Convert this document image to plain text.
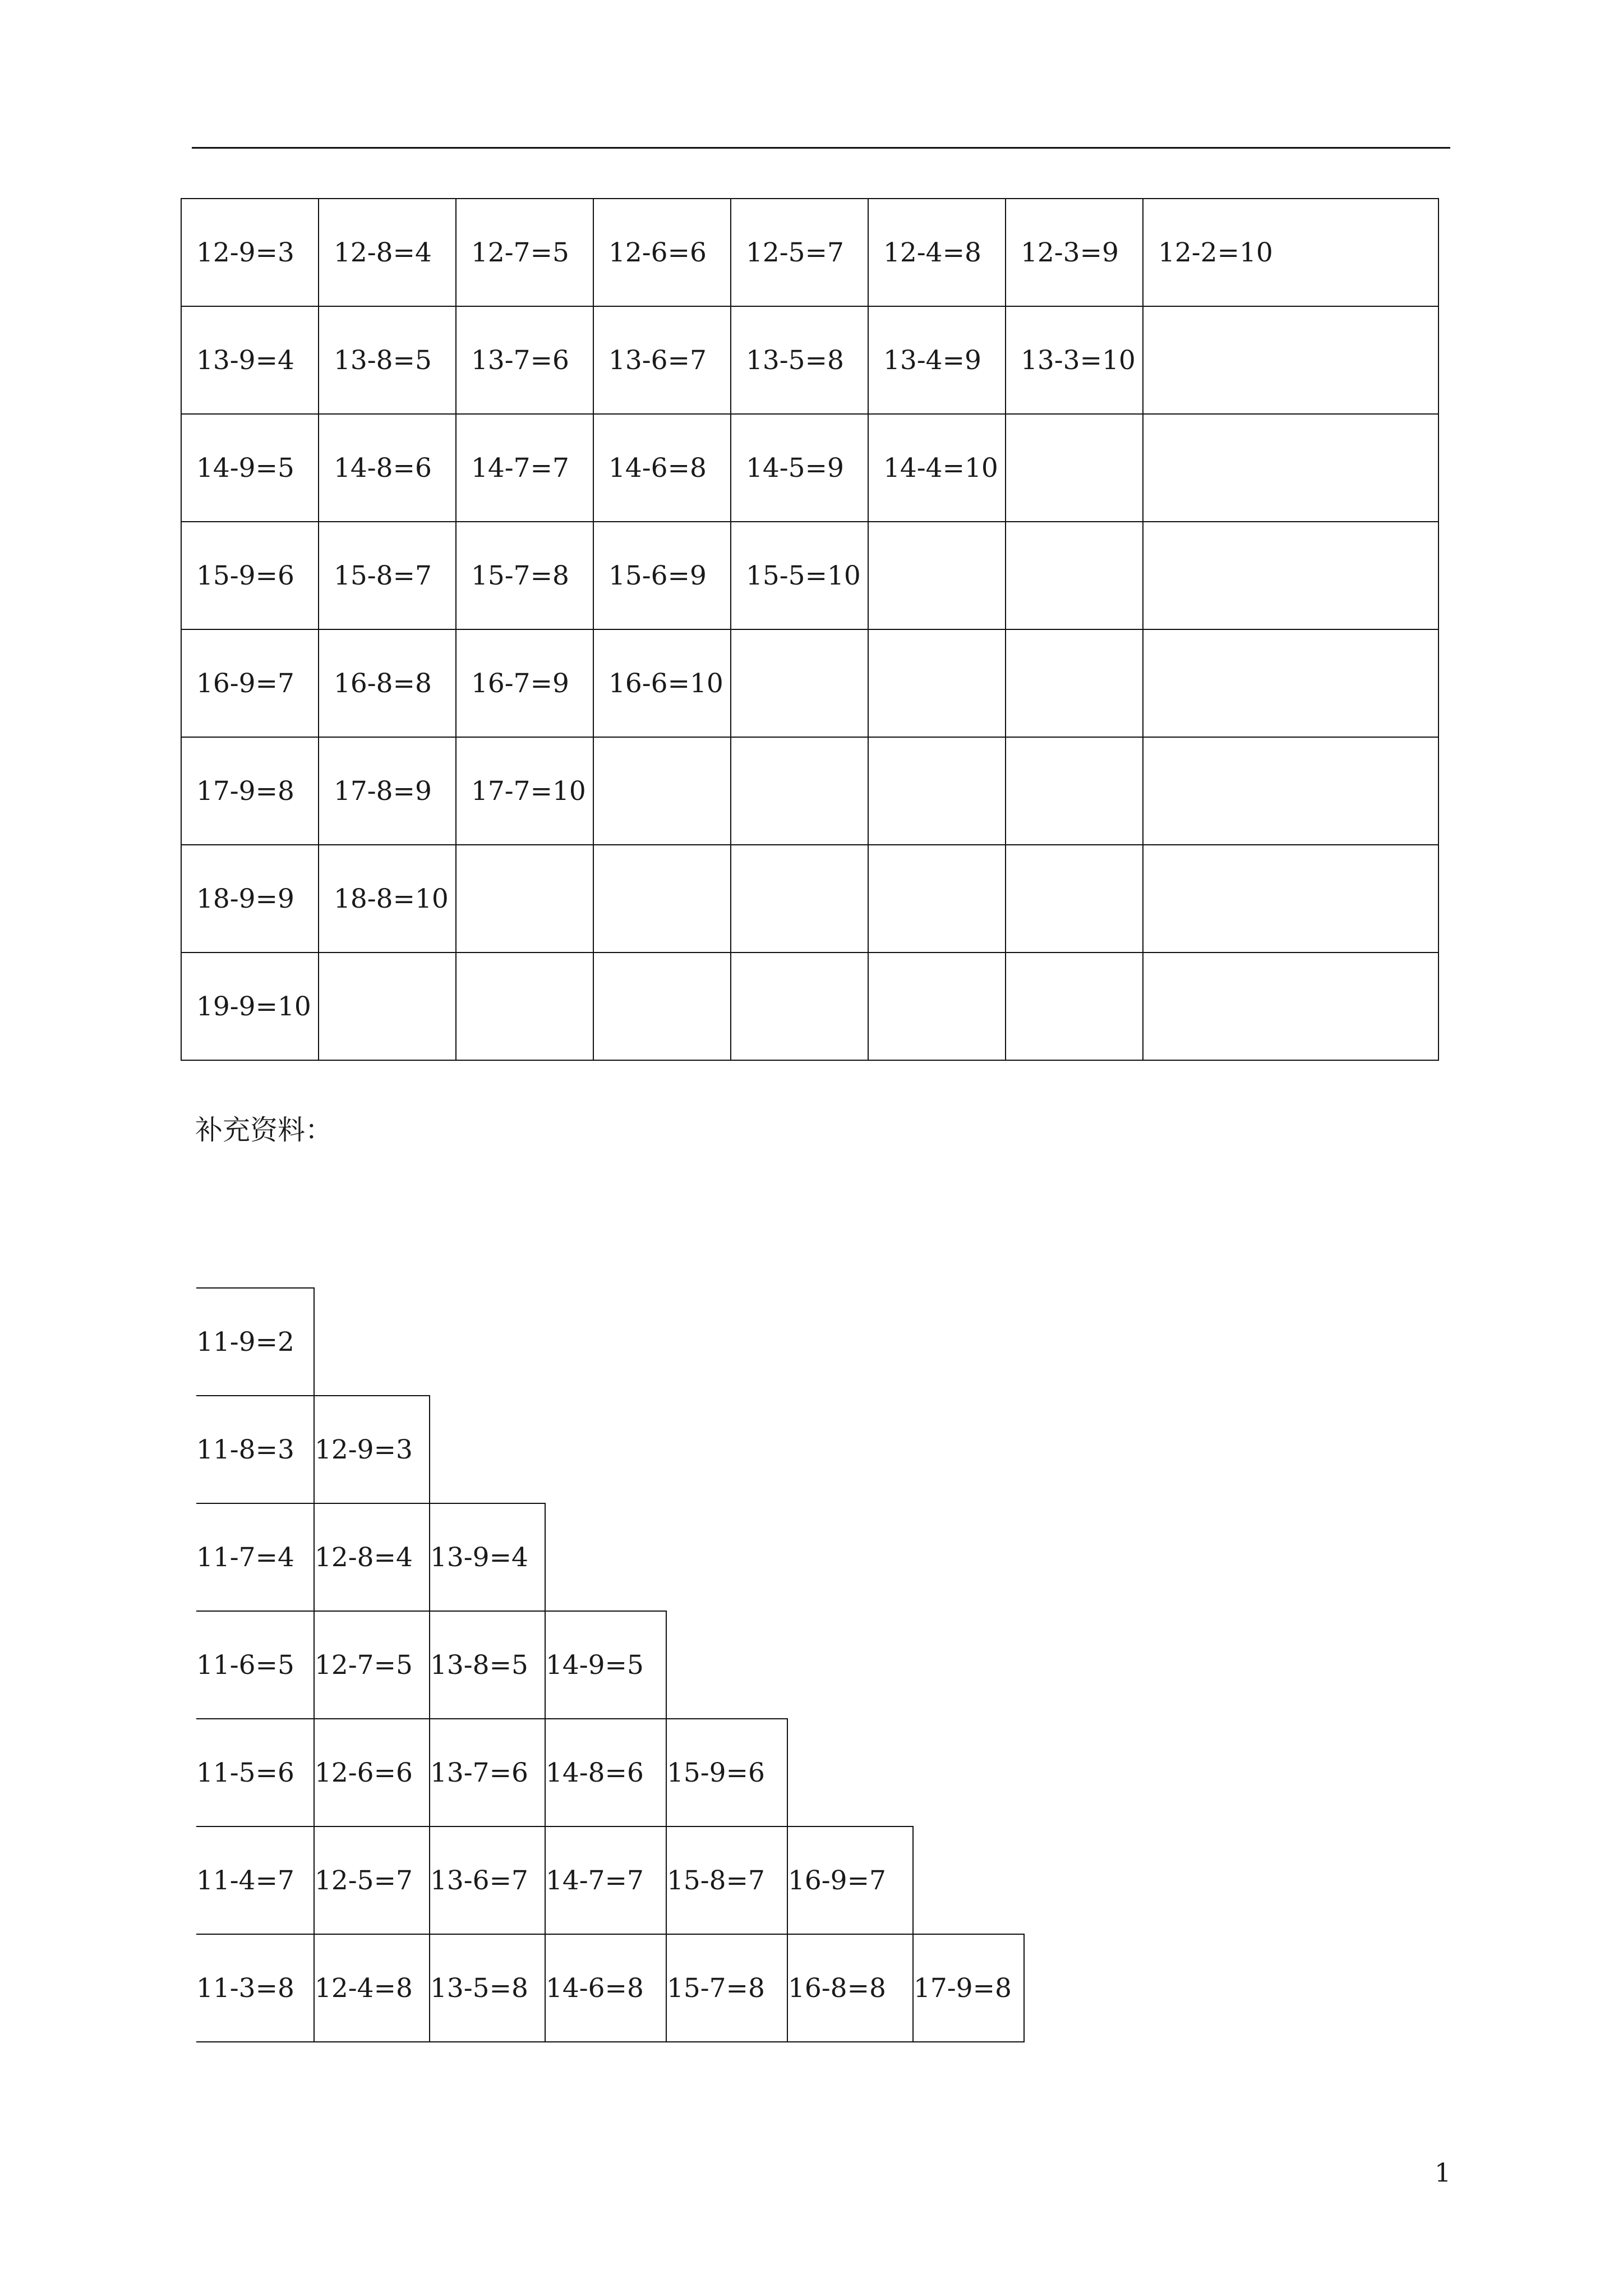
12-9=3	12-8=4	12-7=5	12-6=6	12-5=7	12-4=8	12-3=9	12-2=10
13-9=4	13-8=5	13-7=6	13-6=7	13-5=8	13-4=9	13-3=10	
14-9=5	14-8=6	14-7=7	14-6=8	14-5=9	14-4=10		
15-9=6	15-8=7	15-7=8	15-6=9	15-5=10			
16-9=7	16-8=8	16-7=9	16-6=10				
17-9=8	17-8=9	17-7=10					
18-9=9	18-8=10						
19-9=10							
补充资料：
11-9=2						
11-8=3	12-9=3					
11-7=4	12-8=4	13-9=4				
11-6=5	12-7=5	13-8=5	14-9=5			
11-5=6	12-6=6	13-7=6	14-8=6	15-9=6		
11-4=7	12-5=7	13-6=7	14-7=7	15-8=7	16-9=7	
11-3=8	12-4=8	13-5=8	14-6=8	15-7=8	16-8=8	17-9=8
1
